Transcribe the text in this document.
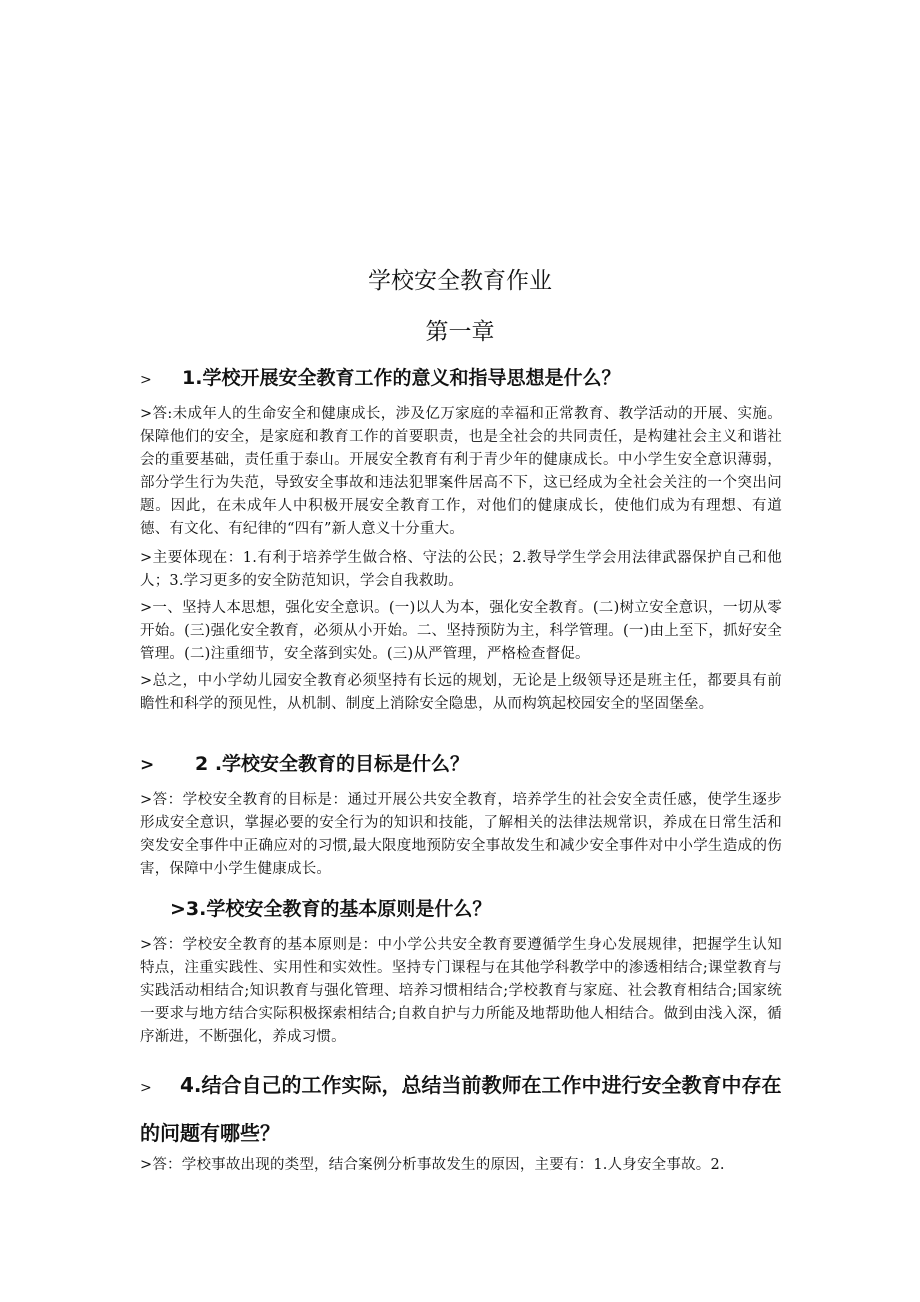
学校安全教育作业
第一章
> 1.学校开展安全教育工作的意义和指导思想是什么？

>答:未成年人的生命安全和健康成长，涉及亿万家庭的幸福和正常教育、教学活动的开展、实施。保障他们的安全，是家庭和教育工作的首要职责，也是全社会的共同责任，是构建社会主义和谐社会的重要基础，责任重于泰山。开展安全教育有利于青少年的健康成长。中小学生安全意识薄弱，部分学生行为失范，导致安全事故和违法犯罪案件居高不下，这已经成为全社会关注的一个突出问题。因此，在未成年人中积极开展安全教育工作，对他们的健康成长，使他们成为有理想、有道德、有文化、有纪律的“四有”新人意义十分重大。

>主要体现在：1.有利于培养学生做合格、守法的公民；2.教导学生学会用法律武器保护自己和他人；3.学习更多的安全防范知识，学会自我救助。

>一、坚持人本思想，强化安全意识。(一)以人为本，强化安全教育。(二)树立安全意识，一切从零开始。(三)强化安全教育，必须从小开始。二、坚持预防为主，科学管理。(一)由上至下，抓好安全管理。(二)注重细节，安全落到实处。(三)从严管理，严格检查督促。

>总之，中小学幼儿园安全教育必须坚持有长远的规划，无论是上级领导还是班主任，都要具有前瞻性和科学的预见性，从机制、制度上消除安全隐患，从而构筑起校园安全的坚固堡垒。

> 2 .学校安全教育的目标是什么？

>答：学校安全教育的目标是：通过开展公共安全教育，培养学生的社会安全责任感，使学生逐步形成安全意识，掌握必要的安全行为的知识和技能，了解相关的法律法规常识，养成在日常生活和突发安全事件中正确应对的习惯,最大限度地预防安全事故发生和减少安全事件对中小学生造成的伤害，保障中小学生健康成长。

>3.学校安全教育的基本原则是什么？

>答：学校安全教育的基本原则是：中小学公共安全教育要遵循学生身心发展规律，把握学生认知特点，注重实践性、实用性和实效性。坚持专门课程与在其他学科教学中的渗透相结合;课堂教育与实践活动相结合;知识教育与强化管理、培养习惯相结合;学校教育与家庭、社会教育相结合;国家统一要求与地方结合实际积极探索相结合;自救自护与力所能及地帮助他人相结合。做到由浅入深，循序渐进，不断强化，养成习惯。

> 4.结合自己的工作实际，总结当前教师在工作中进行安全教育中存在的问题有哪些？

>答：学校事故出现的类型，结合案例分析事故发生的原因，主要有：1.人身安全事故。2.
